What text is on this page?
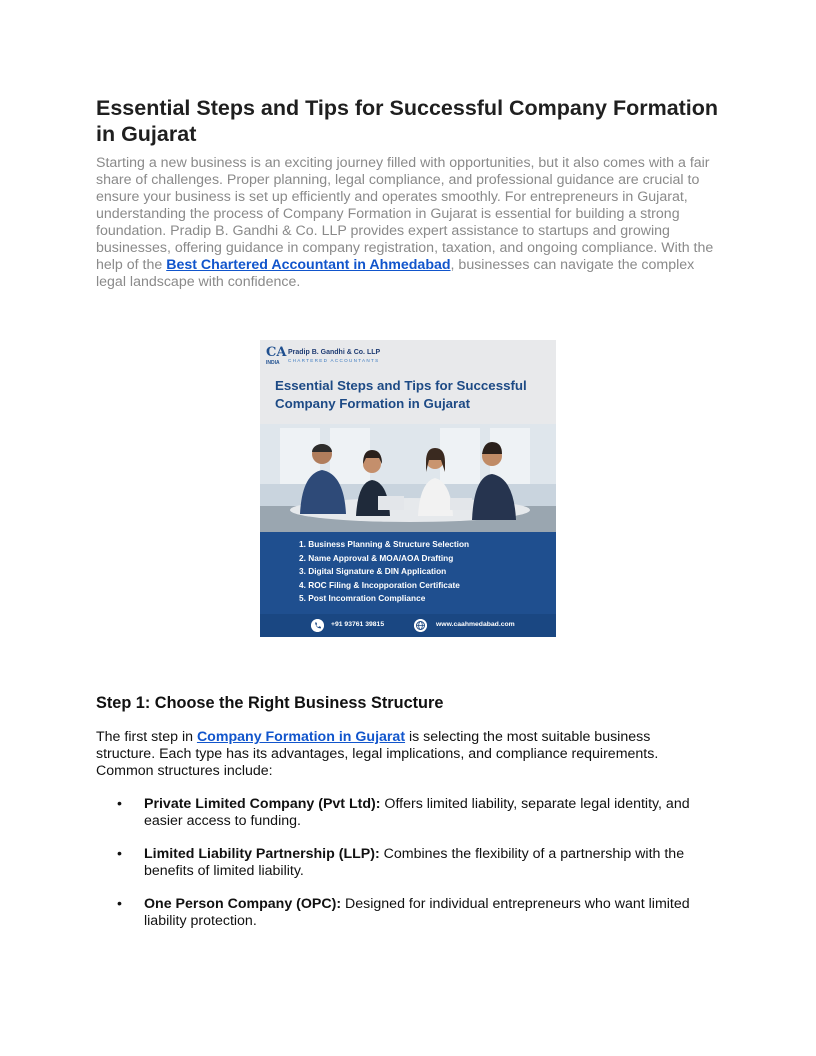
Essential Steps and Tips for Successful Company Formation in Gujarat

Starting a new business is an exciting journey filled with opportunities, but it also comes with a fair share of challenges. Proper planning, legal compliance, and professional guidance are crucial to ensure your business is set up efficiently and operates smoothly. For entrepreneurs in Gujarat, understanding the process of Company Formation in Gujarat is essential for building a strong foundation. Pradip B. Gandhi & Co. LLP provides expert assistance to startups and growing businesses, offering guidance in company registration, taxation, and ongoing compliance. With the help of the Best Chartered Accountant in Ahmedabad, businesses can navigate the complex legal landscape with confidence.

CA
INDIA
Pradip B. Gandhi & Co. LLP
CHARTERED ACCOUNTANTS
Essential Steps and Tips for Successful Company Formation in Gujarat
1. Business Planning & Structure Selection
2. Name Approval & MOA/AOA Drafting
3. Digital Signature & DIN Application
4. ROC Filing & Incopporation Certificate
5. Post Incomration Compliance
+91 93761 39815	www.caahmedabad.com
Step 1: Choose the Right Business Structure

The first step in Company Formation in Gujarat is selecting the most suitable business structure. Each type has its advantages, legal implications, and compliance requirements. Common structures include:

• Private Limited Company (Pvt Ltd): Offers limited liability, separate legal identity, and easier access to funding.
• Limited Liability Partnership (LLP): Combines the flexibility of a partnership with the benefits of limited liability.
• One Person Company (OPC): Designed for individual entrepreneurs who want limited liability protection.
